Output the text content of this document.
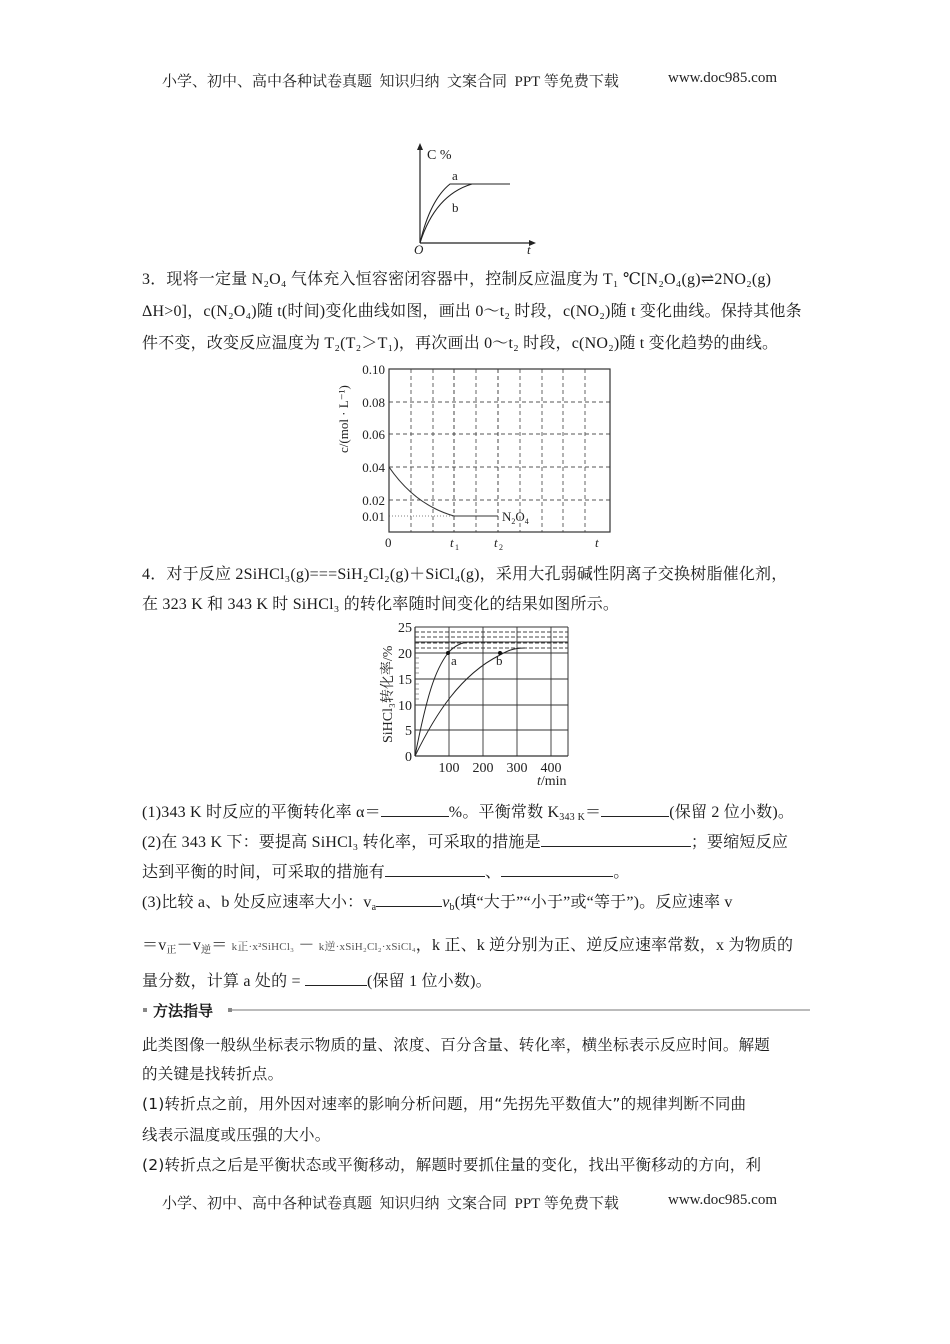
小学、初中、高中各种试卷真题  知识归纳  文案合同  PPT 等免费下载	www.doc985.com
C %
a
b
O	t
3．现将一定量 N₂O₄ 气体充入恒容密闭容器中，控制反应温度为 T₁ ℃[N₂O₄(g)⇌2NO₂(g)
ΔH>0]，c(N₂O₄)随 t(时间)变化曲线如图，画出 0～t₂ 时段，c(NO₂)随 t 变化曲线。保持其他条
件不变，改变反应温度为 T₂(T₂＞T₁)，再次画出 0～t₂ 时段，c(NO₂)随 t 变化趋势的曲线。
0.10
0.08
0.06
0.04
0.02
0.01
c/(mol · L⁻¹)
0	t 1	t 2	t
$N_2O_4$
4．对于反应 2SiHCl₃(g)===SiH₂Cl₂(g)＋SiCl₄(g)，采用大孔弱碱性阴离子交换树脂催化剂，
在 323 K 和 343 K 时 SiHCl₃ 的转化率随时间变化的结果如图所示。
a	b
25
20
15
10
5
0
SiHCl₃转化率/%
100 200 300 400
t/min
(1)343 K 时反应的平衡转化率 α＝	%。平衡常数 $K_{343 K}=$	(保留 2 位小数)。
(2)在 343 K 下：要提高 SiHCl₃ 转化率，可采取的措施是	；要缩短反应
达到平衡的时间，可采取的措施有	、	。
(3)比较 a、b 处反应速率大小：$v_a$	$v_b$(填“大于”“小于”或“等于”)。反应速率 v
$=v_正-v_逆= k$正·x²SiHCl₃ － k逆·xSiH₂Cl₂·xSiCl₄，k 正、k 逆分别为正、逆反应速率常数，x 为物质的
量分数，计算 a 处的 =	(保留 1 位小数)。
方法指导
此类图像一般纵坐标表示物质的量、浓度、百分含量、转化率，横坐标表示反应时间。解题
的关键是找转折点。
(1)转折点之前，用外因对速率的影响分析问题，用“先拐先平数值大”的规律判断不同曲
线表示温度或压强的大小。
(2)转折点之后是平衡状态或平衡移动，解题时要抓住量的变化，找出平衡移动的方向，利
小学、初中、高中各种试卷真题  知识归纳  文案合同  PPT 等免费下载	www.doc985.com
